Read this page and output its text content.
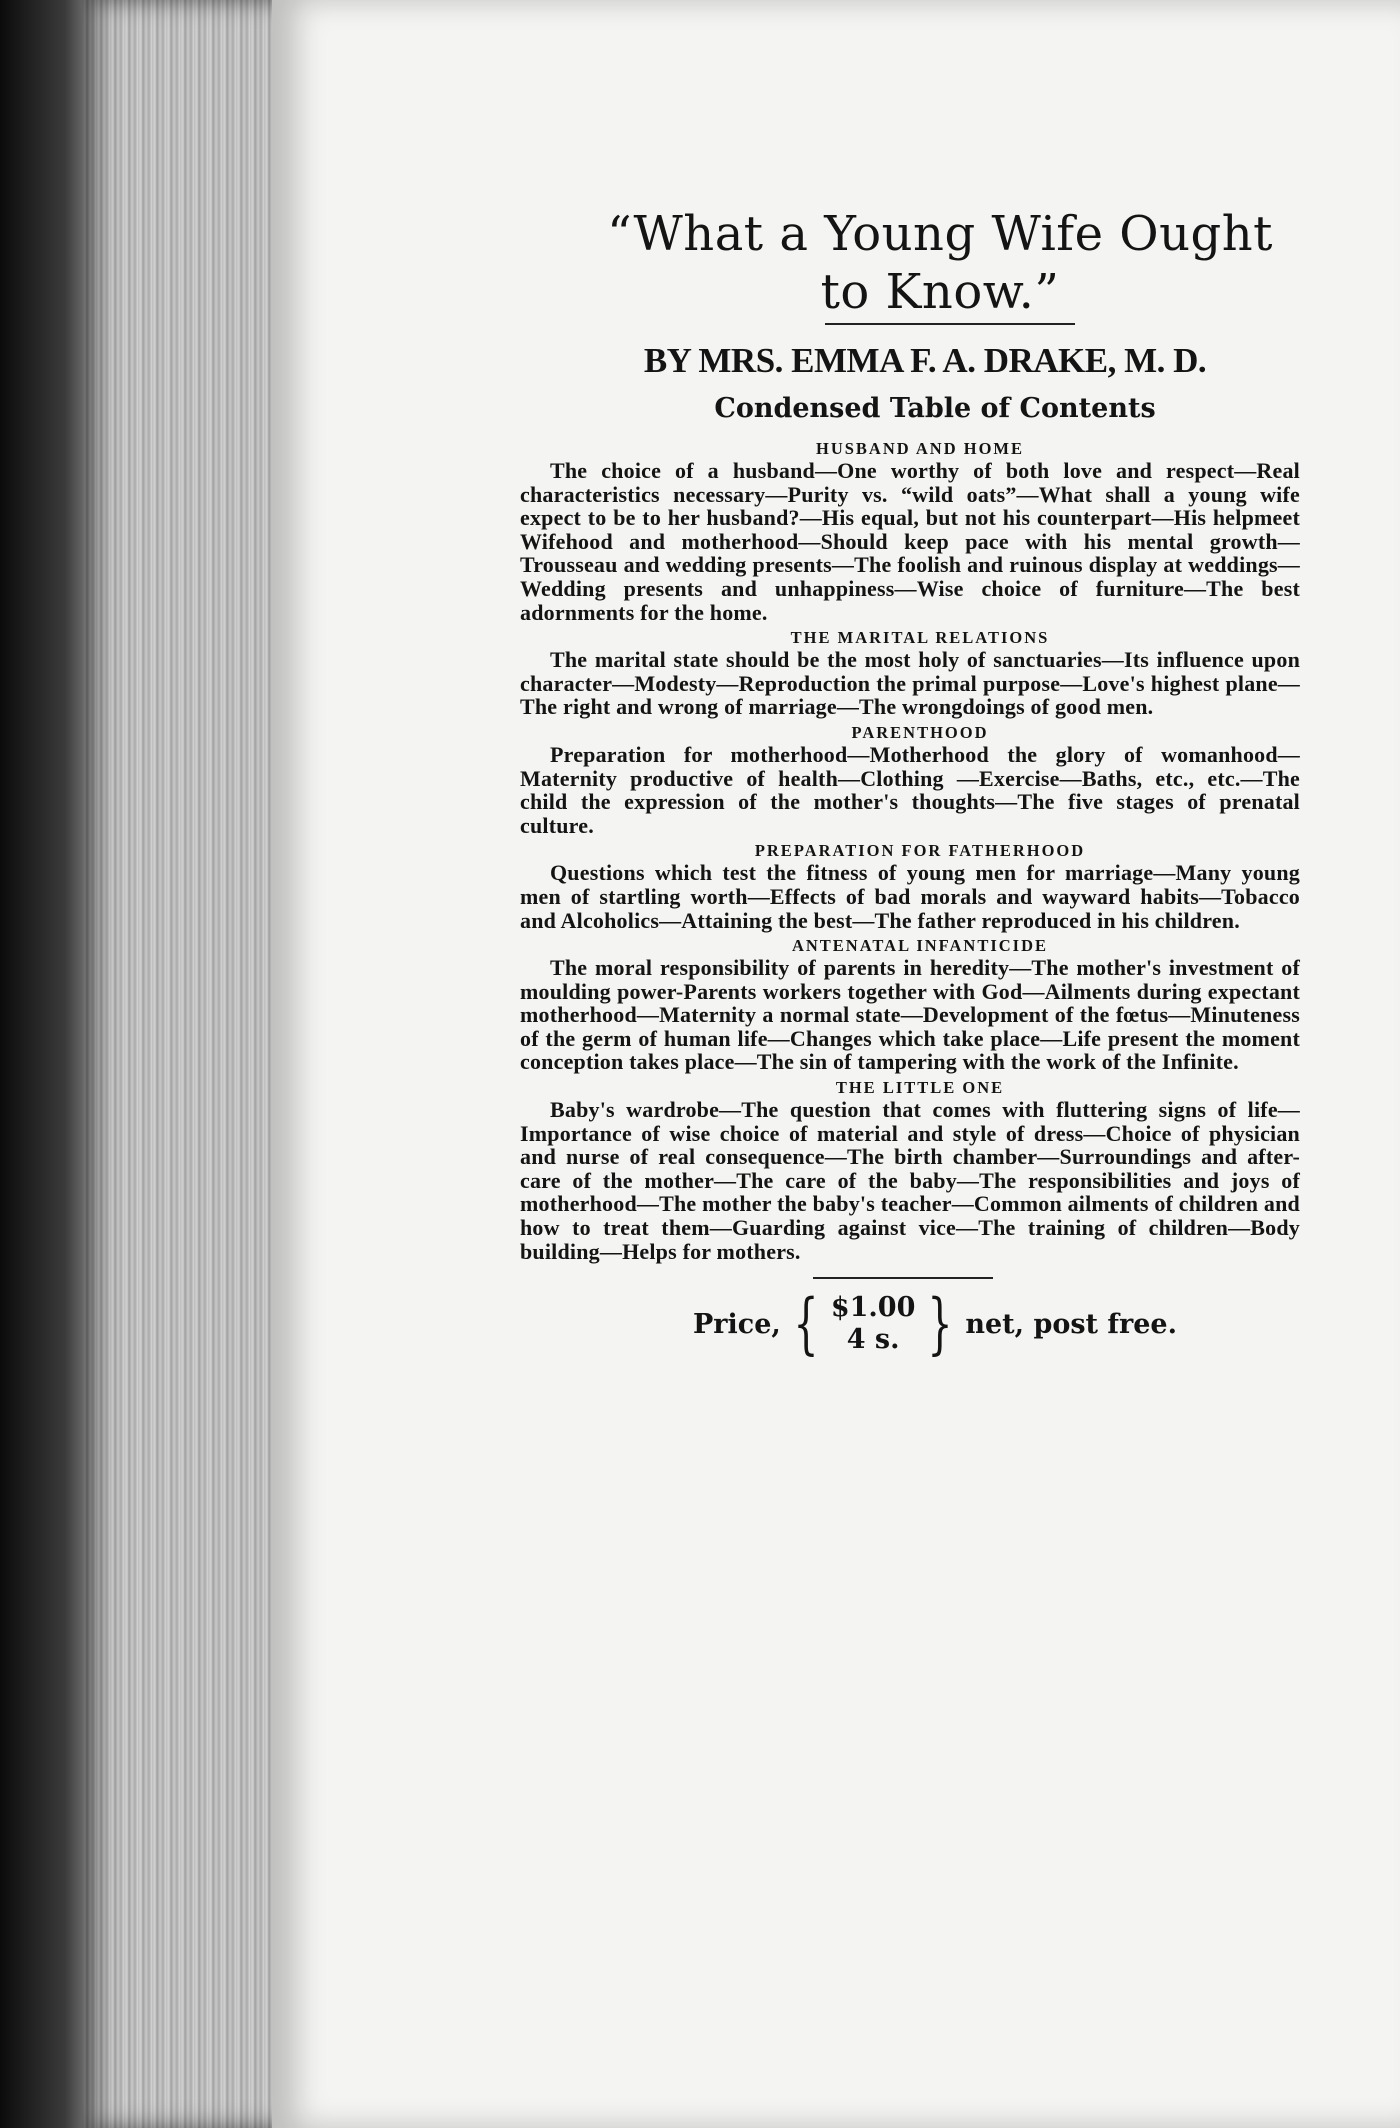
“What a Young Wife Ought
to Know.”
BY MRS. EMMA F. A. DRAKE, M. D.
Condensed Table of Contents
HUSBAND AND HOME

The choice of a husband—One worthy of both love and respect—Real characteristics necessary—Purity vs. “wild oats”—What shall a young wife expect to be to her husband?—His equal, but not his counterpart—His helpmeet Wifehood and motherhood—Should keep pace with his mental growth—Trousseau and wedding presents—The foolish and ruinous display at weddings—Wedding presents and unhappiness—Wise choice of furniture—The best adornments for the home.

THE MARITAL RELATIONS

The marital state should be the most holy of sanctuaries—Its influence upon character—Modesty—Reproduction the primal purpose—Love's highest plane—The right and wrong of marriage—The wrongdoings of good men.

PARENTHOOD

Preparation for motherhood—Motherhood the glory of womanhood—Maternity productive of health—Clothing —Exercise—Baths, etc., etc.—The child the expression of the mother's thoughts—The five stages of prenatal culture.

PREPARATION FOR FATHERHOOD

Questions which test the fitness of young men for marriage—Many young men of startling worth—Effects of bad morals and wayward habits—Tobacco and Alcoholics—Attaining the best—The father reproduced in his children.

ANTENATAL INFANTICIDE

The moral responsibility of parents in heredity—The mother's investment of moulding power-Parents workers together with God—Ailments during expectant motherhood—Maternity a normal state—Development of the fœtus—Minuteness of the germ of human life—Changes which take place—Life present the moment conception takes place—The sin of tampering with the work of the Infinite.

THE LITTLE ONE

Baby's wardrobe—The question that comes with fluttering signs of life—Importance of wise choice of material and style of dress—Choice of physician and nurse of real consequence—The birth chamber—Surroundings and after-care of the mother—The care of the baby—The responsibilities and joys of motherhood—The mother the baby's teacher—Common ailments of children and how to treat them—Guarding against vice—The training of children—Body building—Helps for mothers.

Price, { $1.00
4 s. } net, post free.
